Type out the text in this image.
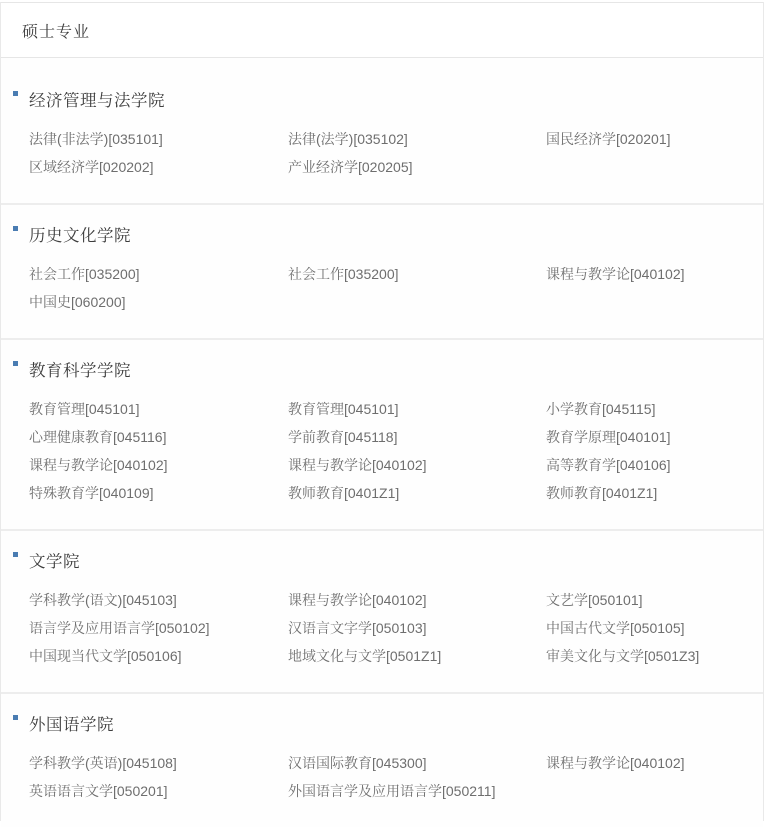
硕士专业
经济管理与法学院
法律(非法学)[035101]	法律(法学)[035102]	国民经济学[020201]
区域经济学[020202]	产业经济学[020205]
历史文化学院
社会工作[035200]	社会工作[035200]	课程与教学论[040102]
中国史[060200]
教育科学学院
教育管理[045101]	教育管理[045101]	小学教育[045115]
心理健康教育[045116]	学前教育[045118]	教育学原理[040101]
课程与教学论[040102]	课程与教学论[040102]	高等教育学[040106]
特殊教育学[040109]	教师教育[0401Z1]	教师教育[0401Z1]
文学院
学科教学(语文)[045103]	课程与教学论[040102]	文艺学[050101]
语言学及应用语言学[050102]	汉语言文字学[050103]	中国古代文学[050105]
中国现当代文学[050106]	地域文化与文学[0501Z1]	审美文化与文学[0501Z3]
外国语学院
学科教学(英语)[045108]	汉语国际教育[045300]	课程与教学论[040102]
英语语言文学[050201]	外国语言学及应用语言学[050211]
